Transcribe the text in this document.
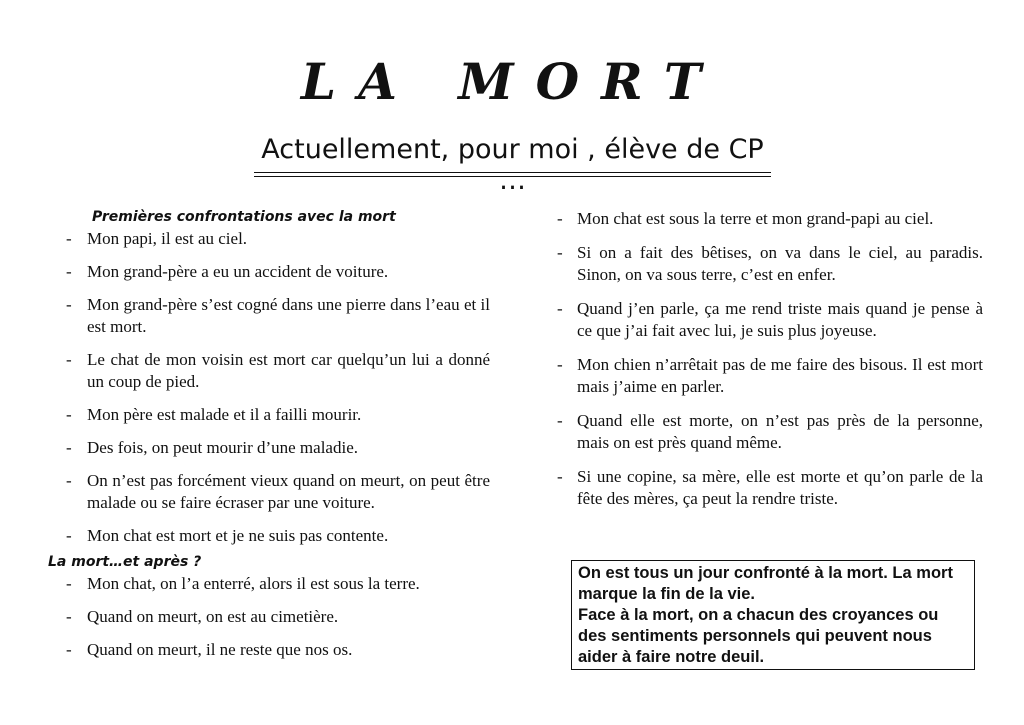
LA MORT
Actuellement, pour moi , élève de CP …
Premières confrontations avec la mort
- Mon papi, il est au ciel.
- Mon grand-père a eu un accident de voiture.
- Mon grand-père s’est cogné dans une pierre dans l’eau et il est mort.
- Le chat de mon voisin est mort car quelqu’un lui a donné un coup de pied.
- Mon père est malade et il a failli mourir.
- Des fois, on peut mourir d’une maladie.
- On n’est pas forcément vieux quand on meurt, on peut être malade ou se faire écraser par une voiture.
- Mon chat est mort et je ne suis pas contente.
La mort…et après ?
- Mon chat, on l’a enterré, alors il est sous la terre.
- Quand on meurt, on est au cimetière.
- Quand on meurt, il ne reste que nos os.
- Mon chat est sous la terre et mon grand-papi au ciel.
- Si on a fait des bêtises, on va dans le ciel, au paradis. Sinon, on va sous terre, c’est en enfer.
- Quand j’en parle, ça me rend triste mais quand je pense à ce que j’ai fait avec lui, je suis plus joyeuse.
- Mon chien n’arrêtait pas de me faire des bisous. Il est mort mais j’aime en parler.
- Quand elle est morte, on n’est pas près de la personne, mais on est près quand même.
- Si une copine, sa mère, elle est morte et qu’on parle de la fête des mères, ça peut la rendre triste.

On est tous un jour confronté à la mort. La mort marque la fin de la vie.

Face à la mort, on a chacun des croyances ou des sentiments personnels qui peuvent nous aider à faire notre deuil.
